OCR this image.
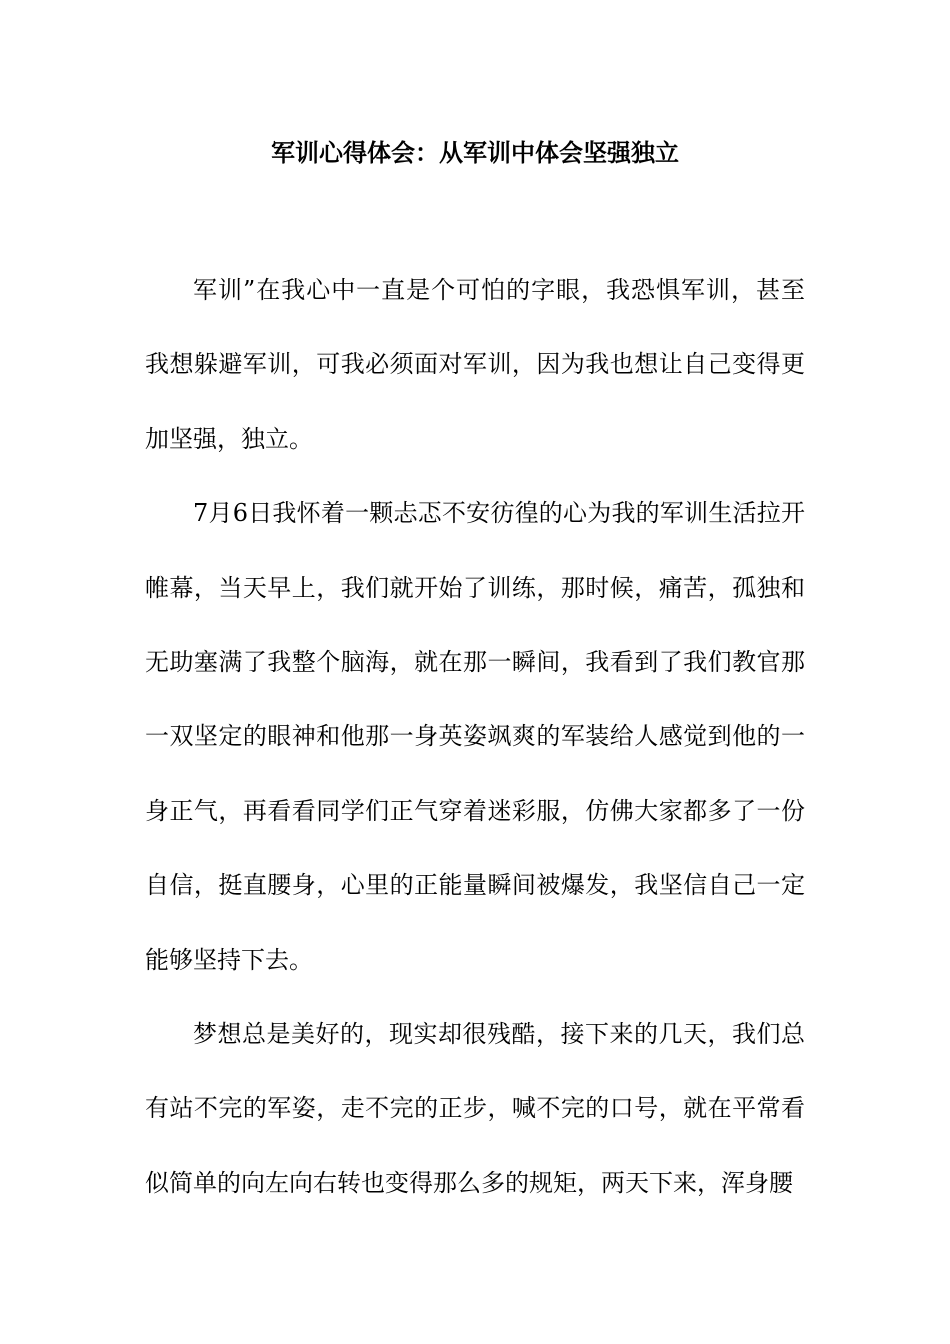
军训心得体会：从军训中体会坚强独立

军训”在我心中一直是个可怕的字眼，我恐惧军训，甚至我想躲避军训，可我必须面对军训，因为我也想让自己变得更加坚强，独立。

7月6日我怀着一颗忐忑不安彷徨的心为我的军训生活拉开帷幕，当天早上，我们就开始了训练，那时候，痛苦，孤独和无助塞满了我整个脑海，就在那一瞬间，我看到了我们教官那一双坚定的眼神和他那一身英姿飒爽的军装给人感觉到他的一身正气，再看看同学们正气穿着迷彩服，仿佛大家都多了一份自信，挺直腰身，心里的正能量瞬间被爆发，我坚信自己一定能够坚持下去。

梦想总是美好的，现实却很残酷，接下来的几天，我们总有站不完的军姿，走不完的正步，喊不完的口号，就在平常看似简单的向左向右转也变得那么多的规矩，两天下来，浑身腰
